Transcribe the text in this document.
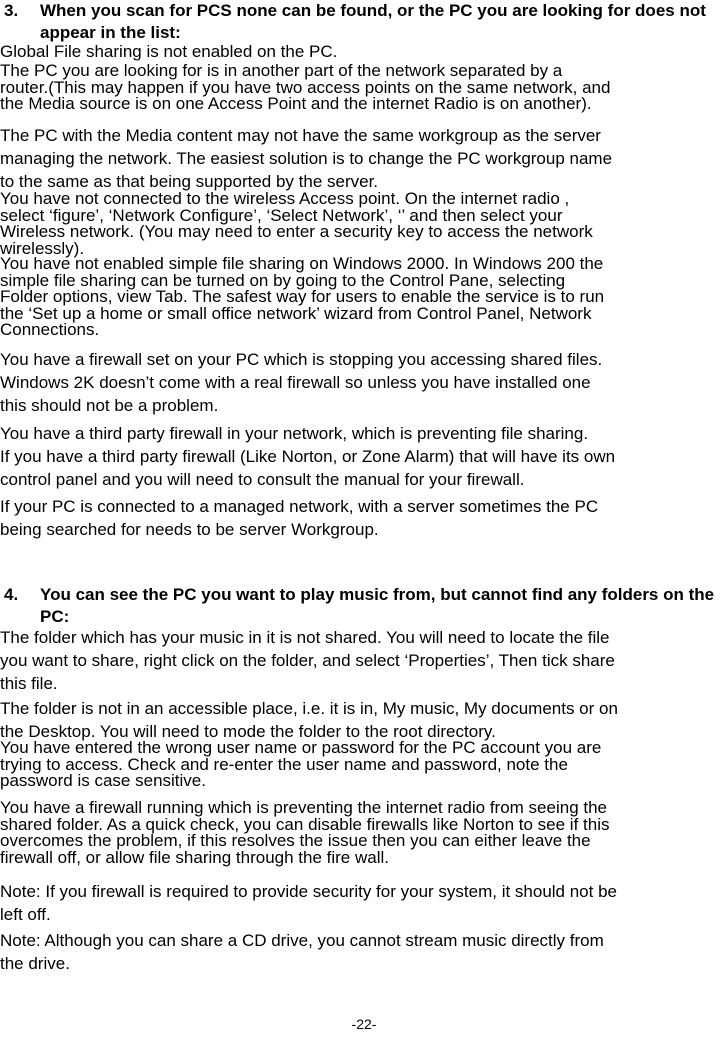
3.	When you scan for PCS none can be found, or the PC you are looking for does not appear in the list:
Global File sharing is not enabled on the PC.
The PC you are looking for is in another part of the network separated by a
router.(This may happen if you have two access points on the same network, and
the Media source is on one Access Point and the internet Radio is on another).
The PC with the Media content may not have the same workgroup as the server
managing the network. The easiest solution is to change the PC workgroup name
to the same as that being supported by the server.
You have not connected to the wireless Access point. On the internet radio ,
select ‘figure’, ‘Network Configure’, ‘Select Network’, ‘’ and then select your
Wireless network. (You may need to enter a security key to access the network
wirelessly).
You have not enabled simple file sharing on Windows 2000. In Windows 200 the
simple file sharing can be turned on by going to the Control Pane, selecting
Folder options, view Tab. The safest way for users to enable the service is to run
the ‘Set up a home or small office network’ wizard from Control Panel, Network
Connections.
You have a firewall set on your PC which is stopping you accessing shared files.
Windows 2K doesn’t come with a real firewall so unless you have installed one
this should not be a problem.
You have a third party firewall in your network, which is preventing file sharing.
If you have a third party firewall (Like Norton, or Zone Alarm) that will have its own
control panel and you will need to consult the manual for your firewall.
If your PC is connected to a managed network, with a server sometimes the PC
being searched for needs to be server Workgroup.
4.	You can see the PC you want to play music from, but cannot find any folders on the PC:
The folder which has your music in it is not shared. You will need to locate the file
you want to share, right click on the folder, and select ‘Properties’, Then tick share
this file.
The folder is not in an accessible place, i.e. it is in, My music, My documents or on
the Desktop. You will need to mode the folder to the root directory.
You have entered the wrong user name or password for the PC account you are
trying to access. Check and re-enter the user name and password, note the
password is case sensitive.
You have a firewall running which is preventing the internet radio from seeing the
shared folder. As a quick check, you can disable firewalls like Norton to see if this
overcomes the problem, if this resolves the issue then you can either leave the
firewall off, or allow file sharing through the fire wall.
Note: If you firewall is required to provide security for your system, it should not be
left off.
Note: Although you can share a CD drive, you cannot stream music directly from
the drive.
-22-
